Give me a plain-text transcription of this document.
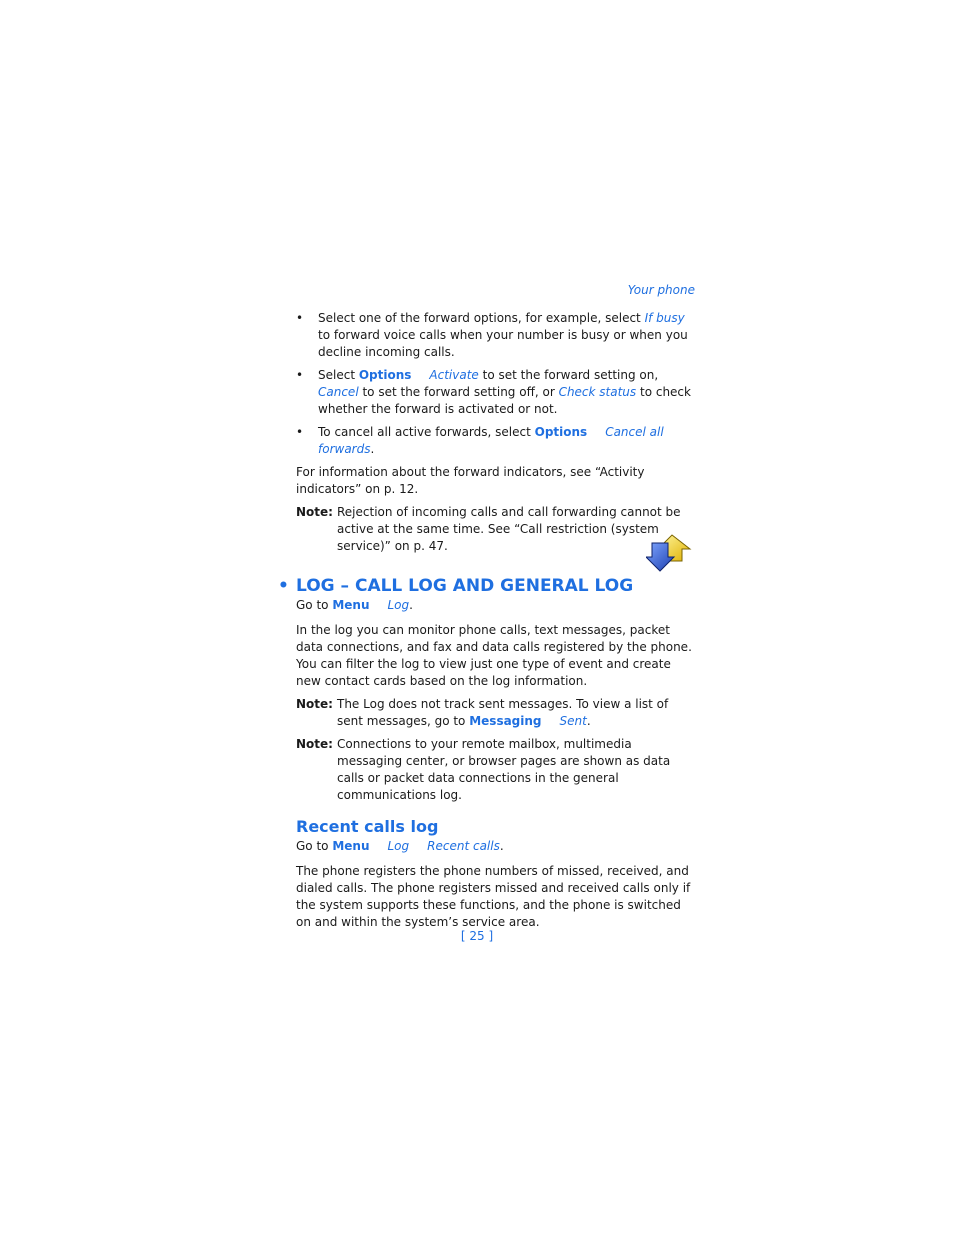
Your phone
• Select one of the forward options, for example, select If busy to forward voice calls when your number is busy or when you decline incoming calls.
• Select Options Activate to set the forward setting on, Cancel to set the forward setting off, or Check status to check whether the forward is activated or not.
• To cancel all active forwards, select Options Cancel all forwards.

For information about the forward indicators, see “Activity indicators” on p. 12.

Note: Rejection of incoming calls and call forwarding cannot be active at the same time. See “Call restriction (system service)” on p. 47.
• LOG – CALL LOG AND GENERAL LOG

Go to Menu Log.

In the log you can monitor phone calls, text messages, packet data connections, and fax and data calls registered by the phone. You can filter the log to view just one type of event and create new contact cards based on the log information.

Note: The Log does not track sent messages. To view a list of sent messages, go to Messaging Sent.
Note: Connections to your remote mailbox, multimedia messaging center, or browser pages are shown as data calls or packet data connections in the general communications log.
Recent calls log

Go to Menu Log Recent calls.

The phone registers the phone numbers of missed, received, and dialed calls. The phone registers missed and received calls only if the system supports these functions, and the phone is switched on and within the system’s service area.

[ 25 ]
